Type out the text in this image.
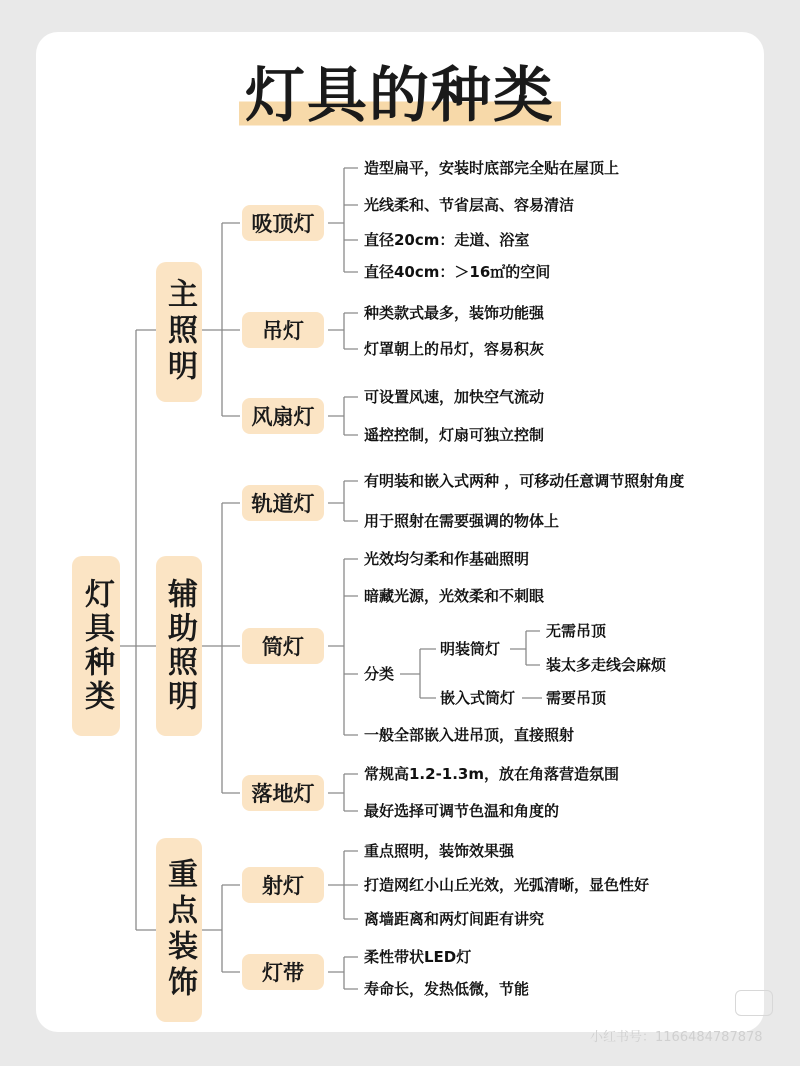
灯具的种类
灯具种类
主照明
辅助照明
重点装饰
吸顶灯
吊灯
风扇灯
轨道灯
筒灯
落地灯
射灯
灯带
造型扁平，安装时底部完全贴在屋顶上
光线柔和、节省层高、容易清洁
直径20cm：走道、浴室
直径40cm：＞16㎡的空间
种类款式最多，装饰功能强
灯罩朝上的吊灯，容易积灰
可设置风速，加快空气流动
遥控控制，灯扇可独立控制
有明装和嵌入式两种 ，可移动任意调节照射角度
用于照射在需要强调的物体上
光效均匀柔和作基础照明
暗藏光源，光效柔和不刺眼
分类
明装筒灯
无需吊顶
装太多走线会麻烦
嵌入式筒灯 需要吊顶
一般全部嵌入进吊顶，直接照射
常规高1.2-1.3m，放在角落营造氛围
最好选择可调节色温和角度的
重点照明，装饰效果强
打造网红小山丘光效，光弧清晰，显色性好
离墙距离和两灯间距有讲究
柔性带状LED灯
寿命长，发热低微，节能
小红书号：1166484787878
